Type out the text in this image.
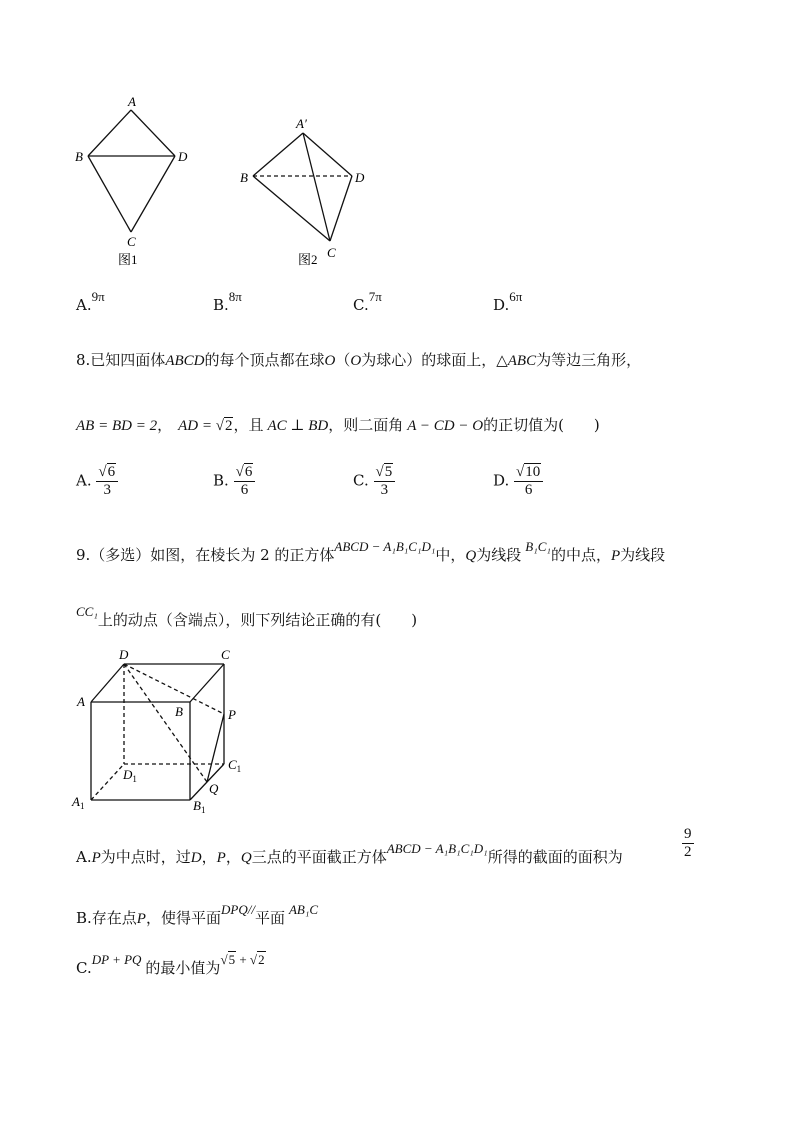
A
B	D
C
图1
A′
B	D
C
图2
A.9π	B.8π	C.7π	D.6π
8.已知四面体ABCD的每个顶点都在球O（O为球心）的球面上，△ABC为等边三角形，
AB = BD = 2， AD = √2，且 AC ⊥ BD，则二面角 A − CD − O的正切值为(　　)
A. $\frac{√6}{3}$	B. $\frac{√6}{6}$	C. $\frac{√5}{3}$	D. $\frac{√10}{6}$
9.（多选）如图，在棱长为 2 的正方体ABCD − A₁B₁C₁D₁中，Q为线段 B₁C₁的中点，P为线段
CC₁上的动点（含端点），则下列结论正确的有(　　)
D	C
A
B	P
$D_1$
$C_1$
Q
$A_1$	$B_1$
A.P为中点时，过D，P，Q三点的平面截正方体ABCD − A₁B₁C₁D₁所得的截面的面积为	$\frac{9}{2}$
B.存在点P，使得平面DPQ//平面 AB₁C
C.DP + PQ 的最小值为√5 + √2
